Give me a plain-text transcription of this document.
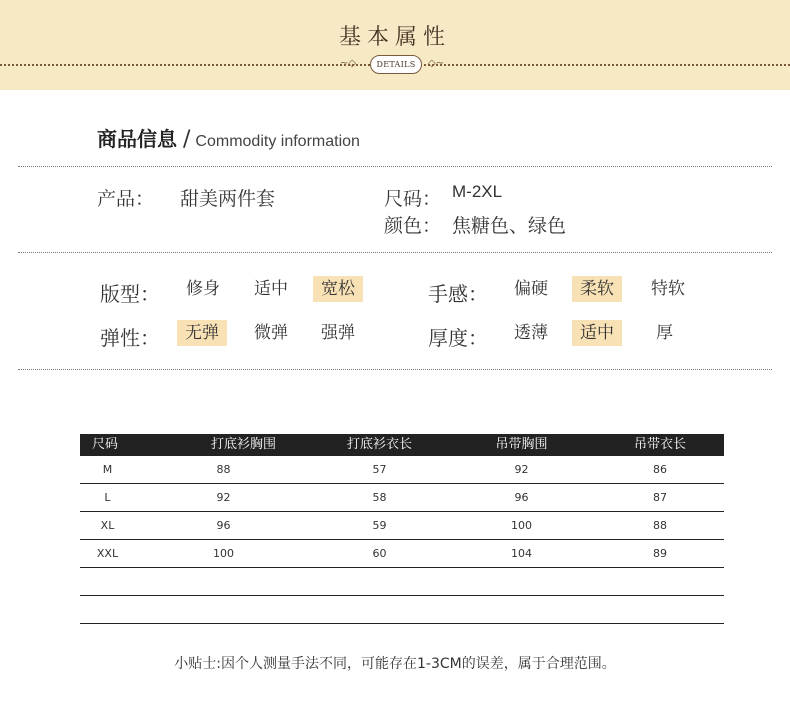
基本属性
~◇	DETAILS	◇~
商品信息 / Commodity information
产品： 甜美两件套	尺码： M-2XL
颜色： 焦糖色、绿色
版型：	修身	适中	宽松	手感：	偏硬	柔软	特软
弹性：	无弹	微弹	强弹	厚度：	透薄	适中	厚
尺码	打底衫胸围	打底衫衣长	吊带胸围	吊带衣长
M	88	57	92	86
L	92	58	96	87
XL	96	59	100	88
XXL	100	60	104	89
小贴士:因个人测量手法不同，可能存在1-3CM的误差，属于合理范围。
